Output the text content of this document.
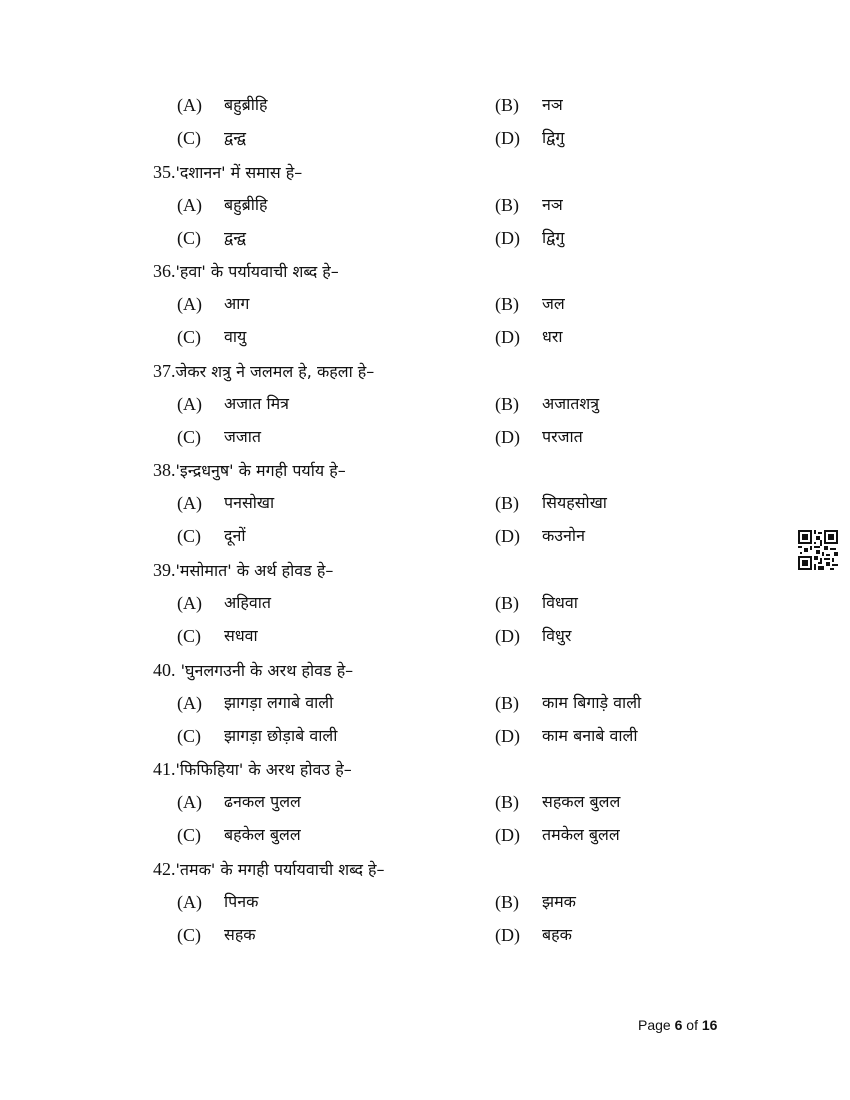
(A) बहुब्रीहि	(B) नञ
(C) द्वन्द्व	(D) द्विगु
35.'दशानन' में समास हे–
(A) बहुब्रीहि	(B) नञ
(C) द्वन्द्व	(D) द्विगु
36.'हवा' के पर्यायवाची शब्द हे–
(A) आग	(B) जल
(C) वायु	(D) धरा
37.जेकर शत्रु ने जलमल हे, कहला हे–
(A) अजात मित्र	(B) अजातशत्रु
(C) जजात	(D) परजात
38.'इन्द्रधनुष' के मगही पर्याय हे–
(A) पनसोखा	(B) सियहसोखा
(C) दूनों	(D) कउनोन
39.'मसोमात' के अर्थ होवड हे–
(A) अहिवात	(B) विधवा
(C) सधवा	(D) विधुर
40. 'घुनलगउनी के अरथ होवड हे–
(A) झागड़ा लगाबे वाली	(B) काम बिगाड़े वाली
(C) झागड़ा छोड़ाबे वाली	(D) काम बनाबे वाली
41.'फिफिहिया' के अरथ होवउ हे–
(A) ढनकल पुलल	(B) सहकल बुलल
(C) बहकेल बुलल	(D) तमकेल बुलल
42.'तमक' के मगही पर्यायवाची शब्द हे–
(A) पिनक	(B) झमक
(C) सहक	(D) बहक
Page 6 of 16
